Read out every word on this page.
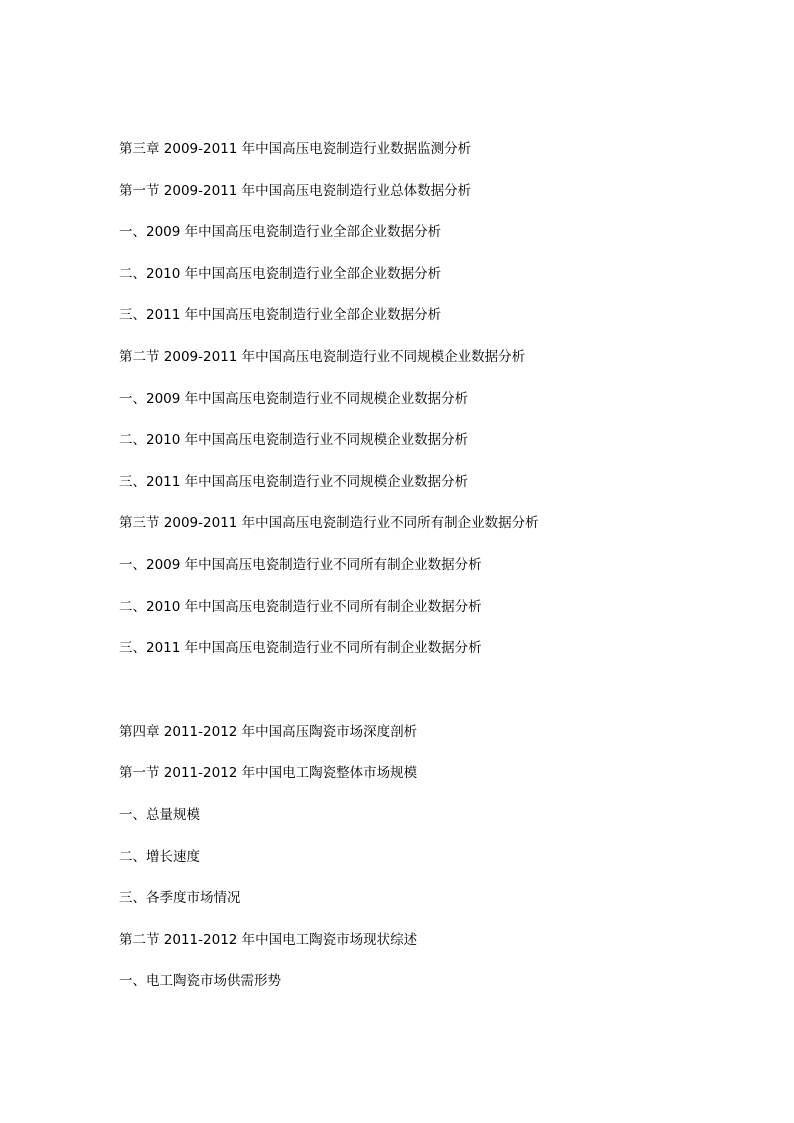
第三章 2009-2011 年中国高压电瓷制造行业数据监测分析
第一节 2009-2011 年中国高压电瓷制造行业总体数据分析
一、2009 年中国高压电瓷制造行业全部企业数据分析
二、2010 年中国高压电瓷制造行业全部企业数据分析
三、2011 年中国高压电瓷制造行业全部企业数据分析
第二节 2009-2011 年中国高压电瓷制造行业不同规模企业数据分析
一、2009 年中国高压电瓷制造行业不同规模企业数据分析
二、2010 年中国高压电瓷制造行业不同规模企业数据分析
三、2011 年中国高压电瓷制造行业不同规模企业数据分析
第三节 2009-2011 年中国高压电瓷制造行业不同所有制企业数据分析
一、2009 年中国高压电瓷制造行业不同所有制企业数据分析
二、2010 年中国高压电瓷制造行业不同所有制企业数据分析
三、2011 年中国高压电瓷制造行业不同所有制企业数据分析
第四章 2011-2012 年中国高压陶瓷市场深度剖析
第一节 2011-2012 年中国电工陶瓷整体市场规模
一、总量规模
二、增长速度
三、各季度市场情况
第二节 2011-2012 年中国电工陶瓷市场现状综述
一、电工陶瓷市场供需形势
